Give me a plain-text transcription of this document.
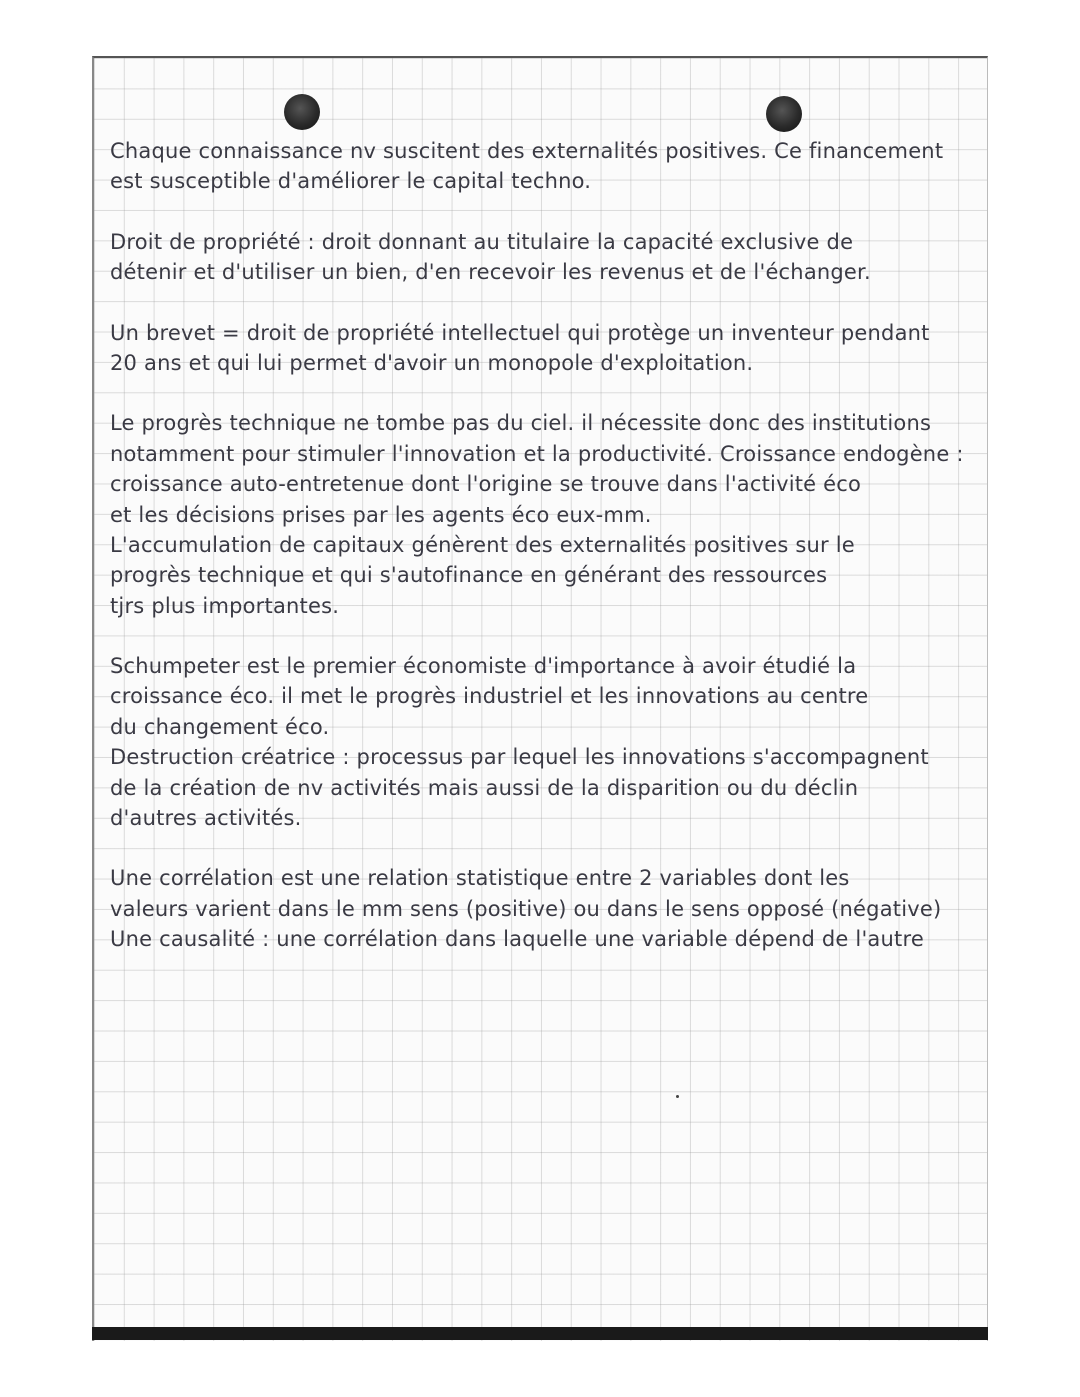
Chaque connaissance nv suscitent des externalités positives. Ce financement
est susceptible d'améliorer le capital techno.
Droit de propriété : droit donnant au titulaire la capacité exclusive de
détenir et d'utiliser un bien, d'en recevoir les revenus et de l'échanger.
Un brevet = droit de propriété intellectuel qui protège un inventeur pendant
20 ans et qui lui permet d'avoir un monopole d'exploitation.
Le progrès technique ne tombe pas du ciel. il nécessite donc des institutions
notamment pour stimuler l'innovation et la productivité. Croissance endogène :
croissance auto-entretenue dont l'origine se trouve dans l'activité éco
et les décisions prises par les agents éco eux-mm.
L'accumulation de capitaux génèrent des externalités positives sur le
progrès technique et qui s'autofinance en générant des ressources
tjrs plus importantes.
Schumpeter est le premier économiste d'importance à avoir étudié la
croissance éco. il met le progrès industriel et les innovations au centre
du changement éco.
Destruction créatrice : processus par lequel les innovations s'accompagnent
de la création de nv activités mais aussi de la disparition ou du déclin
d'autres activités.
Une corrélation est une relation statistique entre 2 variables dont les
valeurs varient dans le mm sens (positive) ou dans le sens opposé (négative)
Une causalité : une corrélation dans laquelle une variable dépend de l'autre
